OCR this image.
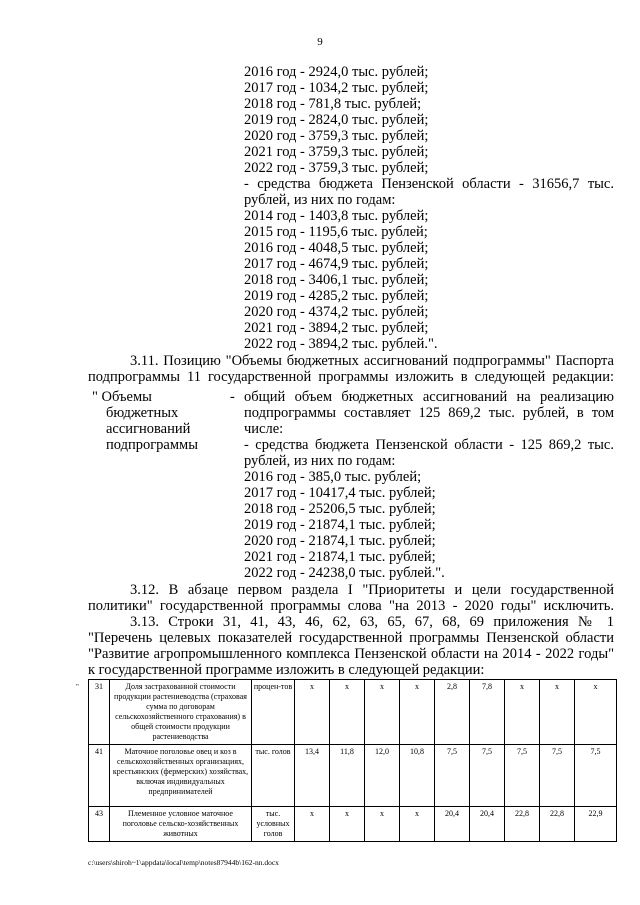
9
2016 год - 2924,0 тыс. рублей;
2017 год - 1034,2 тыс. рублей;
2018 год - 781,8 тыс. рублей;
2019 год - 2824,0 тыс. рублей;
2020 год - 3759,3 тыс. рублей;
2021 год - 3759,3 тыс. рублей;
2022 год - 3759,3 тыс. рублей;
- средства бюджета Пензенской области - 31656,7 тыс.
рублей, из них по годам:
2014 год - 1403,8 тыс. рублей;
2015 год - 1195,6 тыс. рублей;
2016 год - 4048,5 тыс. рублей;
2017 год - 4674,9 тыс. рублей;
2018 год - 3406,1 тыс. рублей;
2019 год - 4285,2 тыс. рублей;
2020 год - 4374,2 тыс. рублей;
2021 год - 3894,2 тыс. рублей;
2022 год - 3894,2 тыс. рублей.".
3.11. Позицию "Объемы бюджетных ассигнований подпрограммы" Паспорта
подпрограммы 11 государственной программы изложить в следующей редакции:
" Объемы
бюджетных
ассигнований
подпрограммы
- общий объем бюджетных ассигнований на реализацию
подпрограммы составляет 125 869,2 тыс. рублей, в том
числе:
- средства бюджета Пензенской области - 125 869,2 тыс.
рублей, из них по годам:
2016 год - 385,0 тыс. рублей;
2017 год - 10417,4 тыс. рублей;
2018 год - 25206,5 тыс. рублей;
2019 год - 21874,1 тыс. рублей;
2020 год - 21874,1 тыс. рублей;
2021 год - 21874,1 тыс. рублей;
2022 год - 24238,0 тыс. рублей.".
3.12. В абзаце первом раздела I "Приоритеты и цели государственной
политики" государственной программы слова "на 2013 - 2020 годы" исключить.
3.13. Строки 31, 41, 43, 46, 62, 63, 65, 67, 68, 69 приложения № 1
"Перечень целевых показателей государственной программы Пензенской области
"Развитие агропромышленного комплекса Пензенской области на 2014 - 2022 годы"
к государственной программе изложить в следующей редакции:
" 31	Доля застрахованной стоимости продукции растениеводства (страховая сумма по договорам сельскохозяйственного страхования) в общей стоимости продукции растениеводства	процен-тов	x	x	x	x	2,8	7,8	x	x	x
41	Маточное поголовье овец и коз в сельскохозяйственных организациях, крестьянских (фермерских) хозяйствах, включая индивидуальных предпринимателей	тыс. голов	13,4	11,8	12,0	10,8	7,5	7,5	7,5	7,5	7,5
43	Племенное условное маточное поголовье сельско-хозяйственных животных	тыс. условных голов	x	x	x	x	20,4	20,4	22,8	22,8	22,9
c:\users\shiroh~1\appdata\local\temp\notes87944b\162-nn.docx
